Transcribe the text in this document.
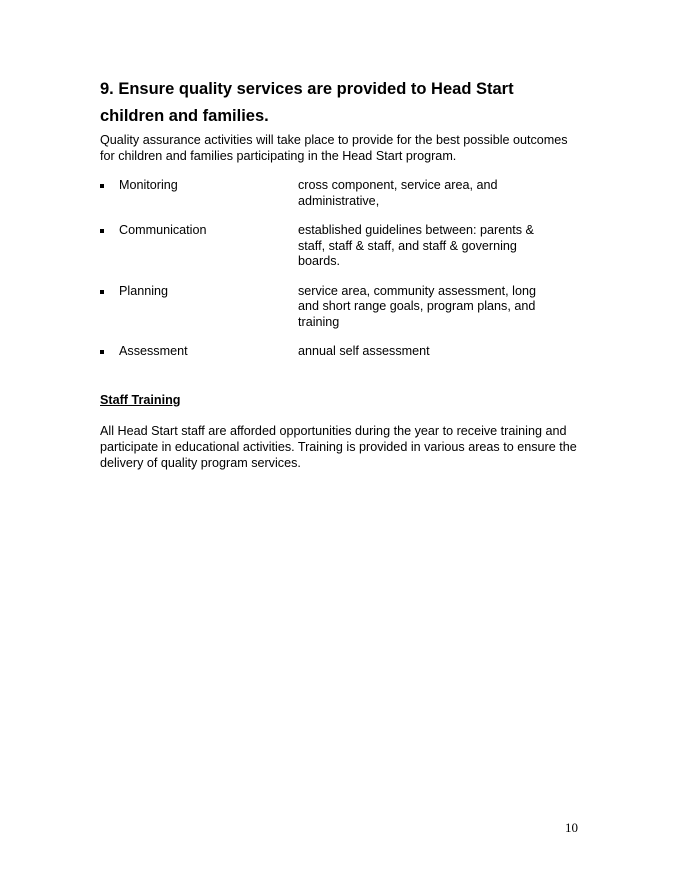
9. Ensure quality services are provided to Head Start children and families.

Quality assurance activities will take place to provide for the best possible outcomes for children and families participating in the Head Start program.

Monitoring	cross component, service area, and administrative,
Communication	established guidelines between: parents & staff, staff & staff, and staff & governing boards.
Planning	service area, community assessment, long and short range goals, program plans, and training
Assessment	annual self assessment
Staff Training

All Head Start staff are afforded opportunities during the year to receive training and participate in educational activities. Training is provided in various areas to ensure the delivery of quality program services.

10
